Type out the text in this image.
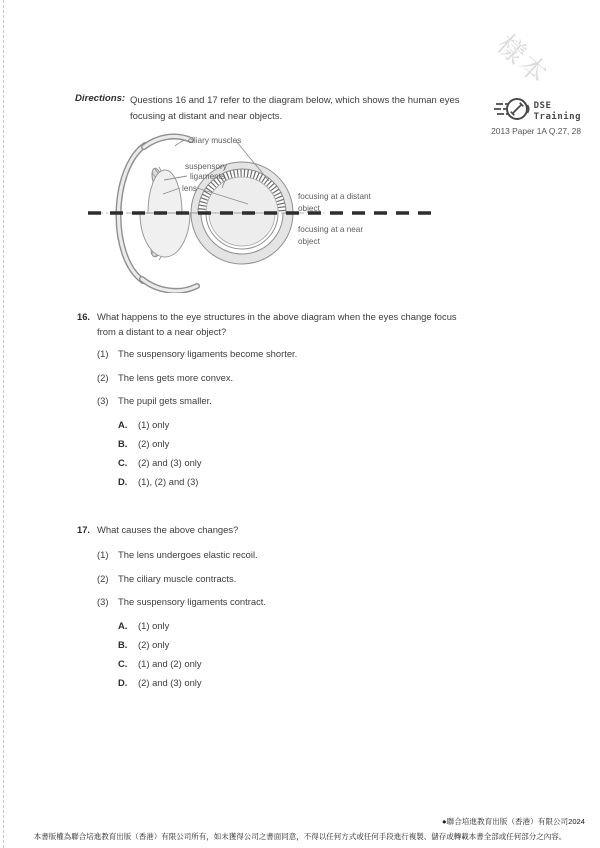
樣本
Directions: Questions 16 and 17 refer to the diagram below, which shows the human eyes focusing at distant and near objects.
DSE
Training
2013 Paper 1A Q.27, 28
ciliary muscles
suspensory
ligaments
lens
focusing at a distant
object
focusing at a near
object
16. What happens to the eye structures in the above diagram when the eyes change focus from a distant to a near object?
(1)	The suspensory ligaments become shorter.
(2)	The lens gets more convex.
(3)	The pupil gets smaller.
A.	(1) only
B.	(2) only
C.	(2) and (3) only
D.	(1), (2) and (3)
17. What causes the above changes?
(1)	The lens undergoes elastic recoil.
(2)	The ciliary muscle contracts.
(3)	The suspensory ligaments contract.
A.	(1) only
B.	(2) only
C.	(1) and (2) only
D.	(2) and (3) only
●聯合培進教育出版（香港）有限公司2024
本書版權為聯合培進教育出版（香港）有限公司所有，如未獲得公司之書面同意，不得以任何方式或任何手段進行複製、儲存或轉載本書全部或任何部分之內容。
